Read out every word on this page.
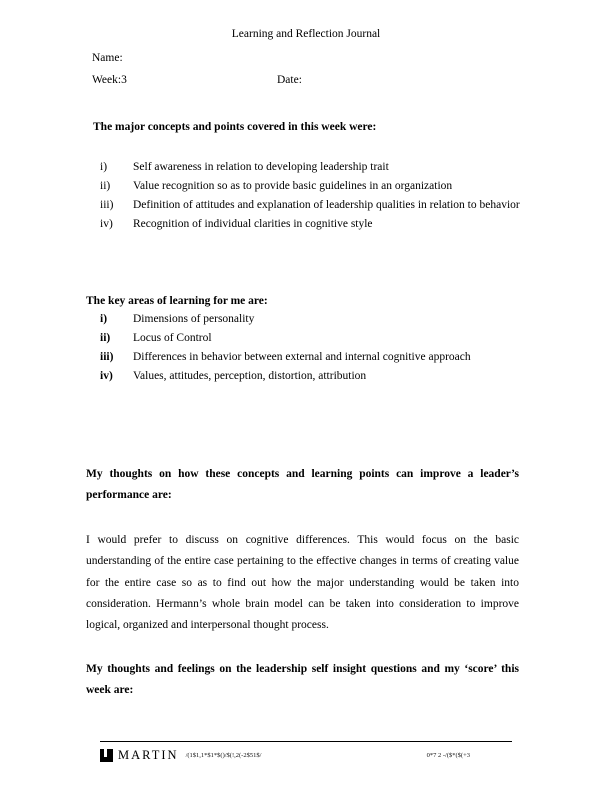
Learning and Reflection Journal
Name:
Week:3	Date:
The major concepts and points covered in this week were:
i)	Self awareness in relation to developing leadership trait
ii)	Value recognition so as to provide basic guidelines in an organization
iii)	Definition of attitudes and explanation of leadership qualities in relation to behavior
iv)	Recognition of individual clarities in cognitive style
The key areas of learning for me are:
i)	Dimensions of personality
ii)	Locus of Control
iii)	Differences in behavior between external and internal cognitive approach
iv)	Values, attitudes, perception, distortion, attribution
My thoughts on how these concepts and learning points can improve a leader’s performance are:
I would prefer to discuss on cognitive differences. This would focus on the basic understanding of the entire case pertaining to the effective changes in terms of creating value for the entire case so as to find out how the major understanding would be taken into consideration. Hermann’s whole brain model can be taken into consideration to improve logical, organized and interpersonal thought process.
My thoughts and feelings on the leadership self insight questions and my ‘score’ this week are:
MARTIN /(1$1,1*$1*$()/$(!,2(-2$51$/	0*7 2 -/($*($(+3
